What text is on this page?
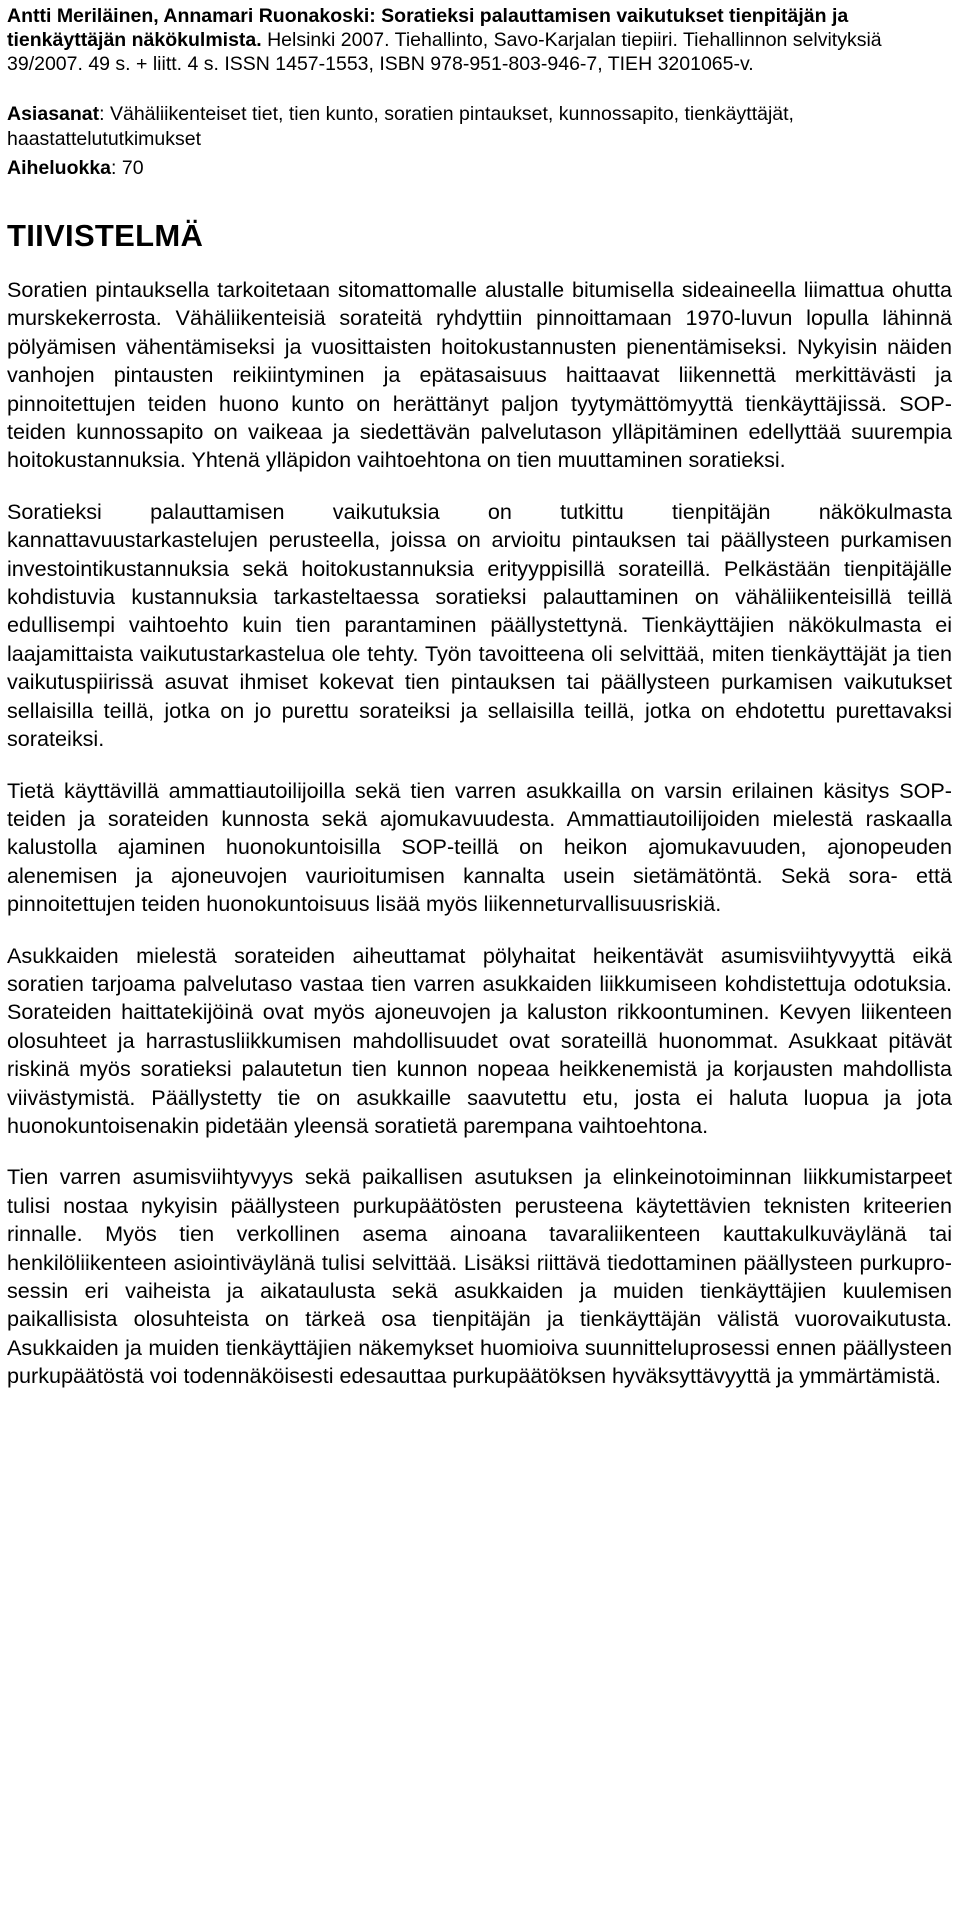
Antti Meriläinen, Annamari Ruonakoski: Soratieksi palauttamisen vaikutukset tienpitäjän ja tienkäyttäjän näkökulmista. Helsinki 2007. Tiehallinto, Savo-Karjalan tiepiiri. Tiehallinnon selvityksiä 39/2007. 49 s. + liitt. 4 s. ISSN 1457-1553, ISBN 978-951-803-946-7, TIEH 3201065-v.

Asiasanat: Vähäliikenteiset tiet, tien kunto, soratien pintaukset, kunnossapito, tienkäyttäjät, haastattelututkimukset

Aiheluokka: 70

TIIVISTELMÄ

Soratien pintauksella tarkoitetaan sitomattomalle alustalle bitumisella sideaineella liimattua ohutta murskekerrosta. Vähäliikenteisiä sorateitä ryhdyttiin pinnoittamaan 1970-luvun lopulla lähinnä pölyämisen vähentämiseksi ja vuosittaisten hoitokustannusten pienentämiseksi. Nykyisin näiden vanhojen pintausten reikiintyminen ja epätasaisuus haittaavat liikennettä merkittävästi ja pinnoitettujen teiden huono kunto on herättänyt paljon tyytymättömyyttä tienkäyttäjissä. SOP-teiden kunnossapito on vaikeaa ja siedettävän palvelutason ylläpitäminen edellyttää suurempia hoitokustannuksia. Yhtenä ylläpidon vaihtoehtona on tien muuttaminen soratieksi.

Soratieksi palauttamisen vaikutuksia on tutkittu tienpitäjän näkökulmasta kannattavuustarkastelujen perusteella, joissa on arvioitu pintauksen tai päällysteen purkamisen investointikustannuksia sekä hoitokustannuksia erityyppisillä sorateillä. Pelkästään tienpitäjälle kohdistuvia kustannuksia tarkasteltaessa soratieksi palauttaminen on vähäliikenteisillä teillä edullisempi vaihtoehto kuin tien parantaminen päällystettynä. Tienkäyttäjien näkökulmasta ei laajamittaista vaikutustarkastelua ole tehty. Työn tavoitteena oli selvittää, miten tienkäyttäjät ja tien vaikutuspiirissä asuvat ihmiset kokevat tien pintauksen tai päällysteen purkamisen vaikutukset sellaisilla teillä, jotka on jo purettu sorateiksi ja sellaisilla teillä, jotka on ehdotettu purettavaksi sorateiksi.

Tietä käyttävillä ammattiautoilijoilla sekä tien varren asukkailla on varsin erilainen käsitys SOP-teiden ja sorateiden kunnosta sekä ajomukavuudesta. Ammattiautoilijoiden mielestä raskaalla kalustolla ajaminen huonokuntoisilla SOP-teillä on heikon ajomukavuuden, ajonopeuden alenemisen ja ajoneuvojen vaurioitumisen kannalta usein sietämätöntä. Sekä sora- että pinnoitettujen teiden huonokuntoisuus lisää myös liikenneturvallisuusriskiä.

Asukkaiden mielestä sorateiden aiheuttamat pölyhaitat heikentävät asumisviihtyvyyttä eikä soratien tarjoama palvelutaso vastaa tien varren asukkaiden liikkumiseen kohdistettuja odotuksia. Sorateiden haittatekijöinä ovat myös ajoneuvojen ja kaluston rikkoontuminen. Kevyen liikenteen olosuhteet ja harrastusliikkumisen mahdollisuudet ovat sorateillä huonommat. Asukkaat pitävät riskinä myös soratieksi palautetun tien kunnon nopeaa heikkenemistä ja korjausten mahdollista viivästymistä. Päällystetty tie on asukkaille saavutettu etu, josta ei haluta luopua ja jota huonokuntoisenakin pidetään yleensä soratietä parempana vaihtoehtona.

Tien varren asumisviihtyvyys sekä paikallisen asutuksen ja elinkeinotoiminnan liikkumistarpeet tulisi nostaa nykyisin päällysteen purkupäätösten perusteena käytettävien teknisten kriteerien rinnalle. Myös tien verkollinen asema ainoana tavaraliikenteen kauttakulkuväylänä tai henkilöliikenteen asiointiväylänä tulisi selvittää. Lisäksi riittävä tiedottaminen päällysteen purkuprosessin eri vaiheista ja aikataulusta sekä asukkaiden ja muiden tienkäyttäjien kuulemisen paikallisista olosuhteista on tärkeä osa tienpitäjän ja tienkäyttäjän välistä vuorovaikutusta. Asukkaiden ja muiden tienkäyttäjien näkemykset huomioiva suunnitteluprosessi ennen päällysteen purkupäätöstä voi todennäköisesti edesauttaa purkupäätöksen hyväksyttävyyttä ja ymmärtämistä.
